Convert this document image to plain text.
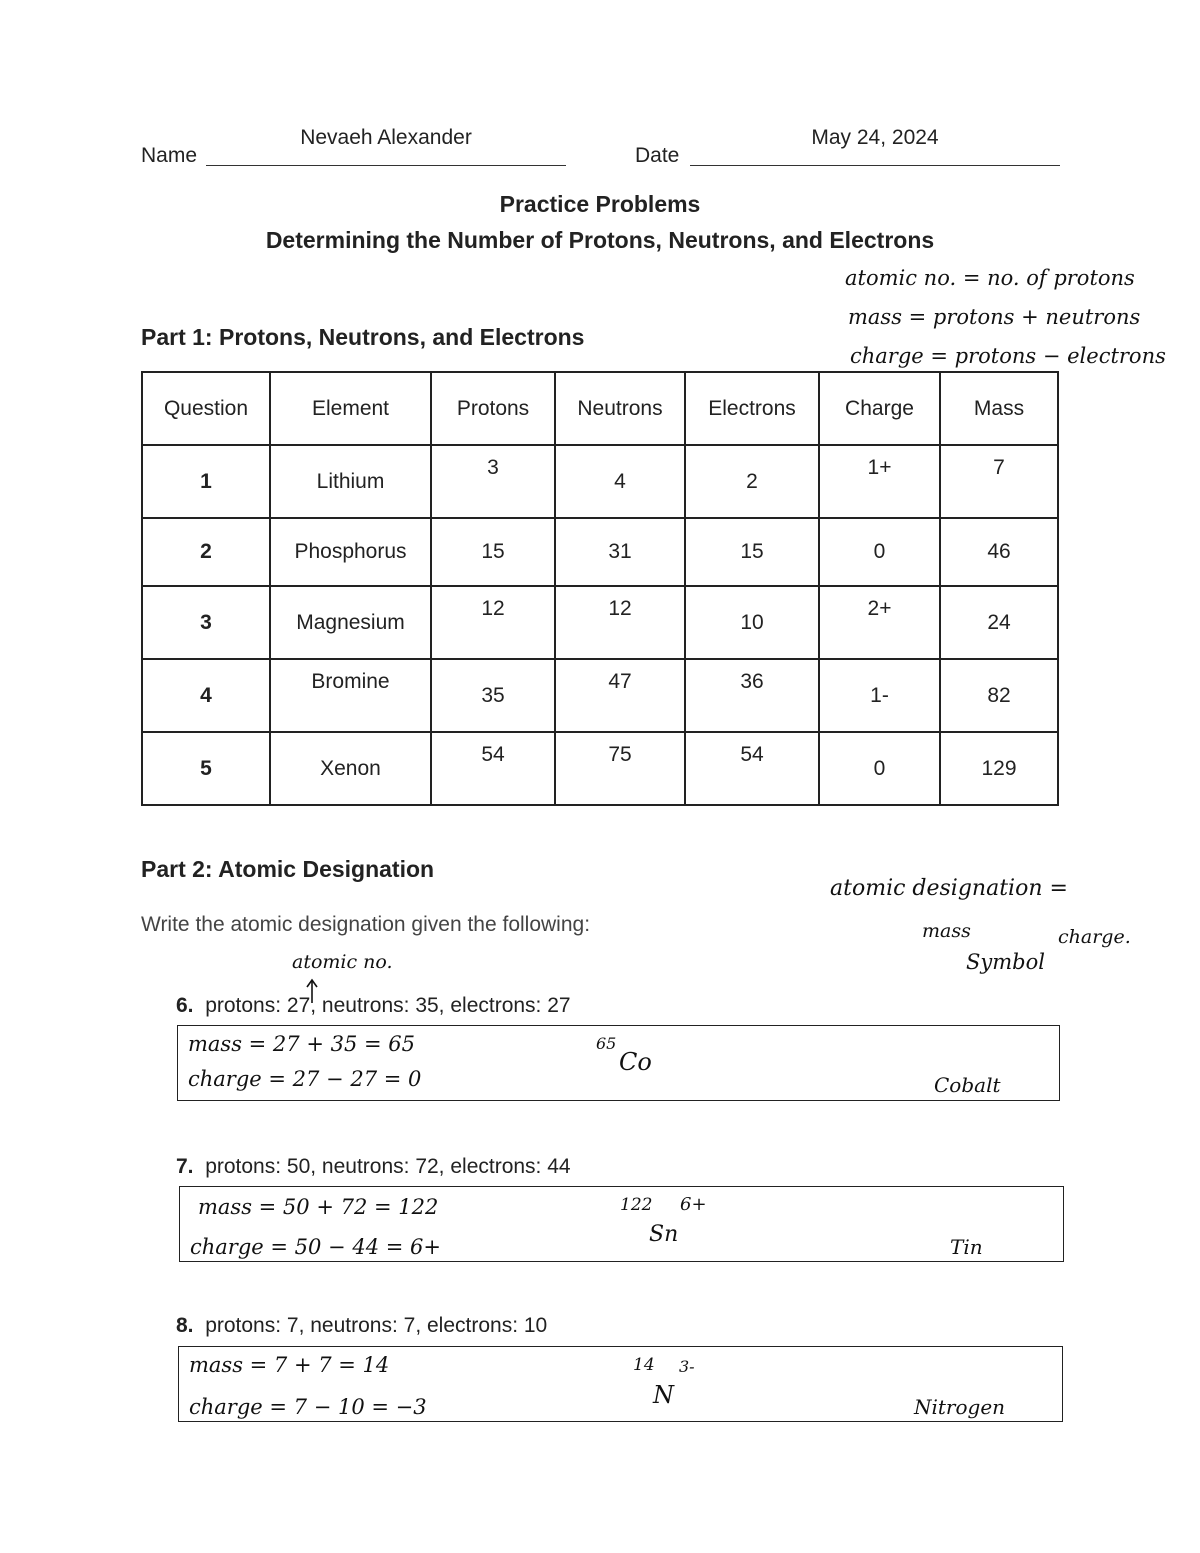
Name
Nevaeh Alexander
Date
May 24, 2024
Practice Problems
Determining the Number of Protons, Neutrons, and Electrons
atomic no. = no. of protons
mass = protons + neutrons
charge = protons − electrons
Part 1: Protons, Neutrons, and Electrons
Question	Element	Protons	Neutrons	Electrons	Charge	Mass
1	Lithium	3	4	2	1+	7
2	Phosphorus	15	31	15	0	46
3	Magnesium	12	12	10	2+	24
4	Bromine	35	47	36	1-	82
5	Xenon	54	75	54	0	129
Part 2: Atomic Designation
Write the atomic designation given the following:
atomic designation =
mass	charge.
Symbol
atomic no.
6. protons: 27, neutrons: 35, electrons: 27
mass = 27 + 35 = 65
charge = 27 − 27 = 0
65
Co
Cobalt
7. protons: 50, neutrons: 72, electrons: 44
mass = 50 + 72 = 122
charge = 50 − 44 = 6+
122 6+
Sn	Tin
8. protons: 7, neutrons: 7, electrons: 10
mass = 7 + 7 = 14
charge = 7 − 10 = −3
14 3-
N	Nitrogen
